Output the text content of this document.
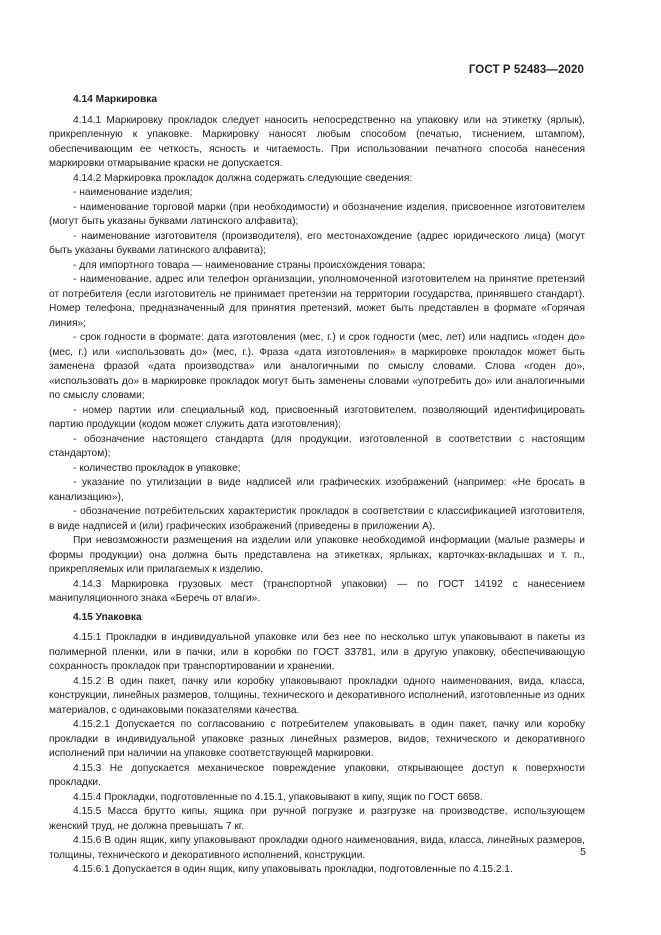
ГОСТ Р 52483—2020
4.14 Маркировка

4.14.1 Маркировку прокладок следует наносить непосредственно на упаковку или на этикетку (ярлык), прикрепленную к упаковке. Маркировку наносят любым способом (печатью, тиснением, штампом), обеспечивающим ее четкость, ясность и читаемость. При использовании печатного способа нанесения маркировки отмарывание краски не допускается.

4.14.2 Маркировка прокладок должна содержать следующие сведения:

- наименование изделия;

- наименование торговой марки (при необходимости) и обозначение изделия, присвоенное изготовителем (могут быть указаны буквами латинского алфавита);

- наименование изготовителя (производителя), его местонахождение (адрес юридического лица) (могут быть указаны буквами латинского алфавита);

- для импортного товара — наименование страны происхождения товара;

- наименование, адрес или телефон организации, уполномоченной изготовителем на принятие претензий от потребителя (если изготовитель не принимает претензии на территории государства, принявшего стандарт). Номер телефона, предназначенный для принятия претензий, может быть представлен в формате «Горячая линия»;

- срок годности в формате: дата изготовления (мес, г.) и срок годности (мес, лет) или надпись «годен до» (мес, г.) или «использовать до» (мес, г.). Фраза «дата изготовления» в маркировке прокладок может быть заменена фразой «дата производства» или аналогичными по смыслу словами. Слова «годен до», «использовать до» в маркировке прокладок могут быть заменены словами «употребить до» или аналогичными по смыслу словами;

- номер партии или специальный код, присвоенный изготовителем, позволяющий идентифицировать партию продукции (кодом может служить дата изготовления);

- обозначение настоящего стандарта (для продукции, изготовленной в соответствии с настоящим стандартом);

- количество прокладок в упаковке;

- указание по утилизации в виде надписей или графических изображений (например: «Не бросать в канализацию»),

- обозначение потребительских характеристик прокладок в соответствии с классификацией изготовителя, в виде надписей и (или) графических изображений (приведены в приложении А).

При невозможности размещения на изделии или упаковке необходимой информации (малые размеры и формы продукции) она должна быть представлена на этикетках, ярлыках, карточках-вкладышах и т. п., прикрепляемых или прилагаемых к изделию.

4.14.3 Маркировка грузовых мест (транспортной упаковки) — по ГОСТ 14192 с нанесением манипуляционного знака «Беречь от влаги».

4.15 Упаковка

4.15.1 Прокладки в индивидуальной упаковке или без нее по несколько штук упаковывают в пакеты из полимерной пленки, или в пачки, или в коробки по ГОСТ 33781, или в другую упаковку, обеспечивающую сохранность прокладок при транспортировании и хранении.

4.15.2 В один пакет, пачку или коробку упаковывают прокладки одного наименования, вида, класса, конструкции, линейных размеров, толщины, технического и декоративного исполнений, изготовленные из одних материалов, с одинаковыми показателями качества.

4.15.2.1 Допускается по согласованию с потребителем упаковывать в один пакет, пачку или коробку прокладки в индивидуальной упаковке разных линейных размеров, видов, технического и декоративного исполнений при наличии на упаковке соответствующей маркировки.

4.15.3 Не допускается механическое повреждение упаковки, открывающее доступ к поверхности прокладки.

4.15.4 Прокладки, подготовленные по 4.15.1, упаковывают в кипу, ящик по ГОСТ 6658.

4.15.5 Масса брутто кипы, ящика при ручной погрузке и разгрузке на производстве, использующем женский труд, не должна превышать 7 кг.

4.15.6 В один ящик, кипу упаковывают прокладки одного наименования, вида, класса, линейных размеров, толщины, технического и декоративного исполнений, конструкции.

4.15.6.1 Допускается в один ящик, кипу упаковывать прокладки, подготовленные по 4.15.2.1.

5
